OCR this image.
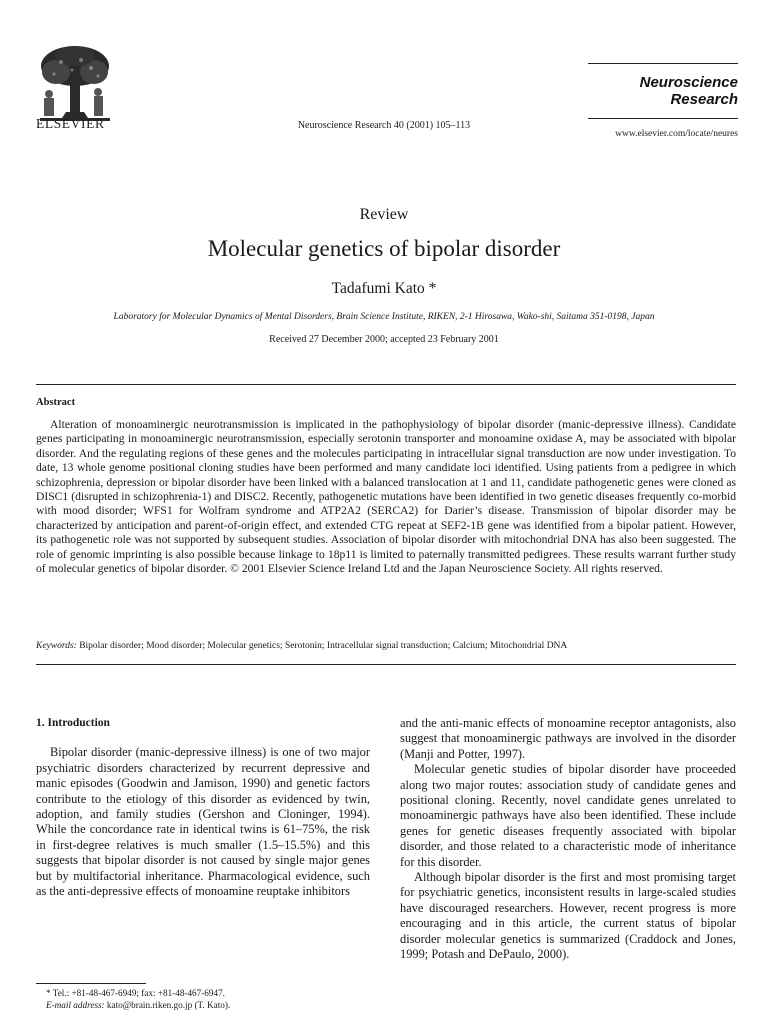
ELSEVIER	Neuroscience Research 40 (2001) 105–113
Neuroscience
Research
www.elsevier.com/locate/neures
Review
Molecular genetics of bipolar disorder
Tadafumi Kato *
Laboratory for Molecular Dynamics of Mental Disorders, Brain Science Institute, RIKEN, 2-1 Hirosawa, Wako-shi, Saitama 351-0198, Japan
Received 27 December 2000; accepted 23 February 2001
Abstract
Alteration of monoaminergic neurotransmission is implicated in the pathophysiology of bipolar disorder (manic-depressive illness). Candidate genes participating in monoaminergic neurotransmission, especially serotonin transporter and monoamine oxidase A, may be associated with bipolar disorder. And the regulating regions of these genes and the molecules participating in intracellular signal transduction are now under investigation. To date, 13 whole genome positional cloning studies have been performed and many candidate loci identified. Using patients from a pedigree in which schizophrenia, depression or bipolar disorder have been linked with a balanced translocation at 1 and 11, candidate pathogenetic genes were cloned as DISC1 (disrupted in schizophrenia-1) and DISC2. Recently, pathogenetic mutations have been identified in two genetic diseases frequently co-morbid with mood disorder; WFS1 for Wolfram syndrome and ATP2A2 (SERCA2) for Darier’s disease. Transmission of bipolar disorder may be characterized by anticipation and parent-of-origin effect, and extended CTG repeat at SEF2-1B gene was identified from a bipolar patient. However, its pathogenetic role was not supported by subsequent studies. Association of bipolar disorder with mitochondrial DNA has also been suggested. The role of genomic imprinting is also possible because linkage to 18p11 is limited to paternally transmitted pedigrees. These results warrant further study of molecular genetics of bipolar disorder. © 2001 Elsevier Science Ireland Ltd and the Japan Neuroscience Society. All rights reserved.
Keywords: Bipolar disorder; Mood disorder; Molecular genetics; Serotonin; Intracellular signal transduction; Calcium; Mitochondrial DNA
1. Introduction
Bipolar disorder (manic-depressive illness) is one of two major psychiatric disorders characterized by recurrent depressive and manic episodes (Goodwin and Jamison, 1990) and genetic factors contribute to the etiology of this disorder as evidenced by twin, adoption, and family studies (Gershon and Cloninger, 1994). While the concordance rate in identical twins is 61–75%, the risk in first-degree relatives is much smaller (1.5–15.5%) and this suggests that bipolar disorder is not caused by single major genes but by multifactorial inheritance. Pharmacological evidence, such as the anti-depressive effects of monoamine reuptake inhibitors
and the anti-manic effects of monoamine receptor antagonists, also suggest that monoaminergic pathways are involved in the disorder (Manji and Potter, 1997).
Molecular genetic studies of bipolar disorder have proceeded along two major routes: association study of candidate genes and positional cloning. Recently, novel candidate genes unrelated to monoaminergic pathways have also been identified. These include genes for genetic diseases frequently associated with bipolar disorder, and those related to a characteristic mode of inheritance for this disorder.
Although bipolar disorder is the first and most promising target for psychiatric genetics, inconsistent results in large-scaled studies have discouraged researchers. However, recent progress is more encouraging and in this article, the current status of bipolar disorder molecular genetics is summarized (Craddock and Jones, 1999; Potash and DePaulo, 2000).
* Tel.: +81-48-467-6949; fax: +81-48-467-6947.
E-mail address: kato@brain.riken.go.jp (T. Kato).
